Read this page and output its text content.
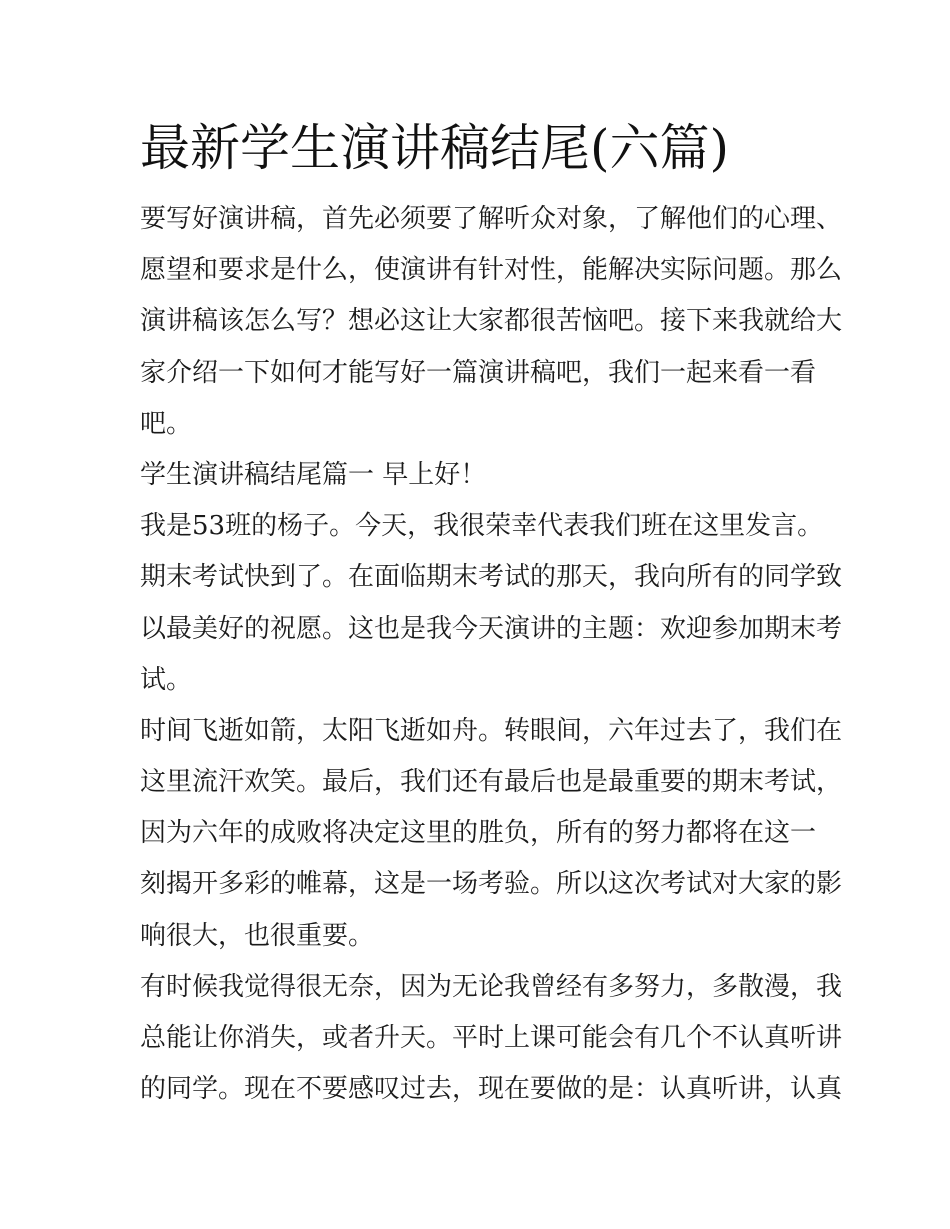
最新学生演讲稿结尾(六篇)
要写好演讲稿，首先必须要了解听众对象，了解他们的心理、
愿望和要求是什么，使演讲有针对性，能解决实际问题。那么
演讲稿该怎么写？想必这让大家都很苦恼吧。接下来我就给大
家介绍一下如何才能写好一篇演讲稿吧，我们一起来看一看
吧。
学生演讲稿结尾篇一 早上好！
我是53班的杨子。今天，我很荣幸代表我们班在这里发言。
期末考试快到了。在面临期末考试的那天，我向所有的同学致
以最美好的祝愿。这也是我今天演讲的主题：欢迎参加期末考
试。
时间飞逝如箭，太阳飞逝如舟。转眼间，六年过去了，我们在
这里流汗欢笑。最后，我们还有最后也是最重要的期末考试，
因为六年的成败将决定这里的胜负，所有的努力都将在这一
刻揭开多彩的帷幕，这是一场考验。所以这次考试对大家的影
响很大，也很重要。
有时候我觉得很无奈，因为无论我曾经有多努力，多散漫，我
总能让你消失，或者升天。平时上课可能会有几个不认真听讲
的同学。现在不要感叹过去，现在要做的是：认真听讲，认真
